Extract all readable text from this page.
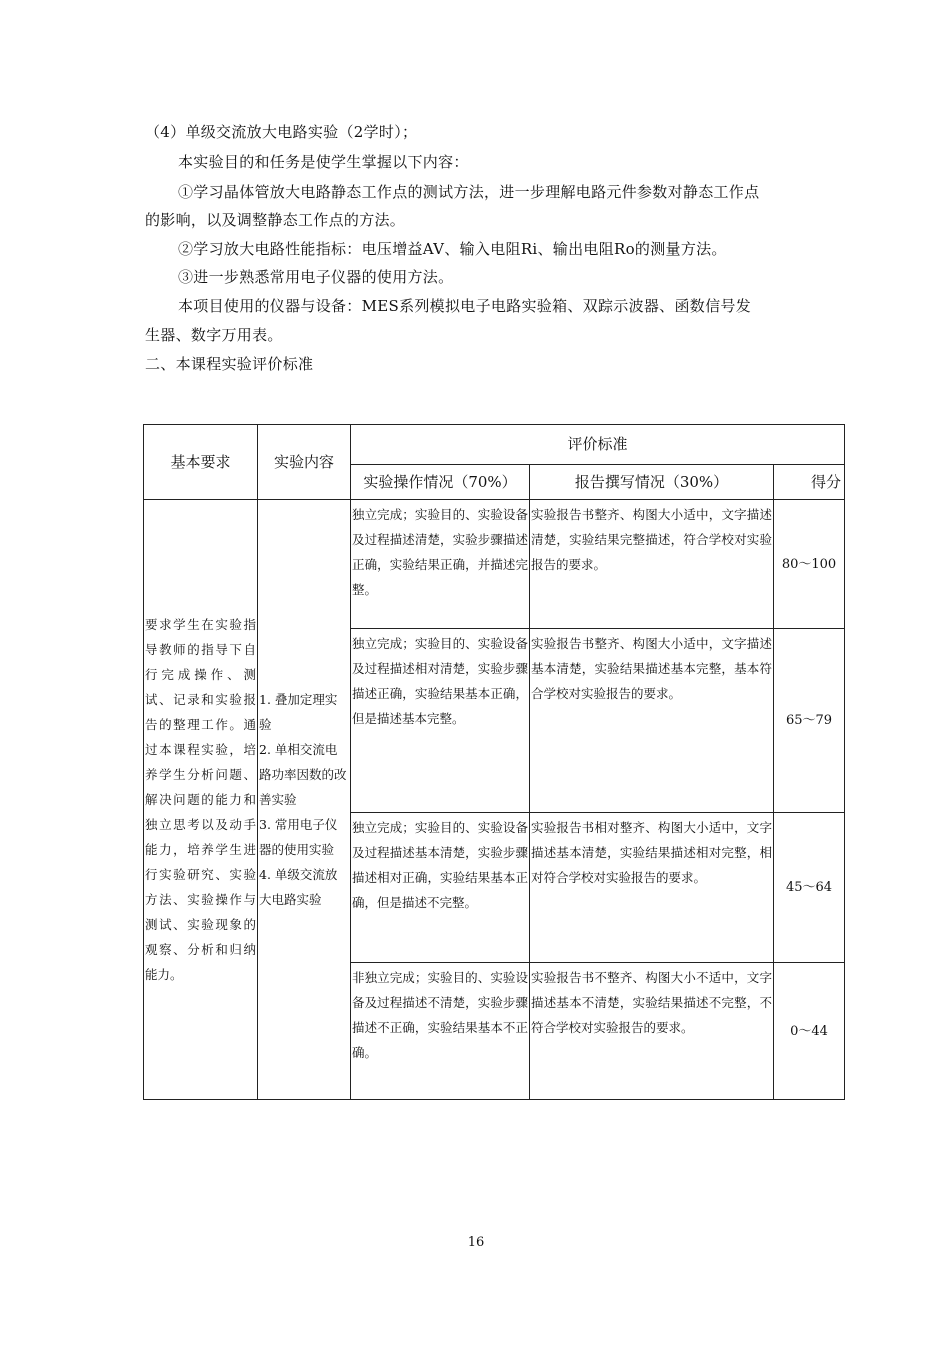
（4）单级交流放大电路实验（2学时）；
本实验目的和任务是使学生掌握以下内容：
①学习晶体管放大电路静态工作点的测试方法，进一步理解电路元件参数对静态工作点
的影响，以及调整静态工作点的方法。
②学习放大电路性能指标：电压增益AV、输入电阻Ri、输出电阻Ro的测量方法。
③进一步熟悉常用电子仪器的使用方法。
本项目使用的仪器与设备：MES系列模拟电子电路实验箱、双踪示波器、函数信号发
生器、数字万用表。
二、本课程实验评价标准
基本要求	实验内容	评价标准		
		实验操作情况（70%）	报告撰写情况（30%）	得分
要求学生在实验指导教师的指导下自行完成操作、测试、记录和实验报告的整理工作。通过本课程实验，培养学生分析问题、解决问题的能力和独立思考以及动手能力，培养学生进行实验研究、实验方法、实验操作与测试、实验现象的观察、分析和归纳能力。	1. 叠加定理实验
2. 单相交流电路功率因数的改善实验
3. 常用电子仪器的使用实验
4. 单级交流放大电路实验	独立完成；实验目的、实验设备及过程描述清楚，实验步骤描述正确，实验结果正确，并描述完整。	实验报告书整齐、构图大小适中，文字描述清楚，实验结果完整描述，符合学校对实验报告的要求。	80～100
		独立完成；实验目的、实验设备及过程描述相对清楚，实验步骤描述正确，实验结果基本正确，但是描述基本完整。	实验报告书整齐、构图大小适中，文字描述基本清楚，实验结果描述基本完整，基本符合学校对实验报告的要求。	65～79
		独立完成；实验目的、实验设备及过程描述基本清楚，实验步骤描述相对正确，实验结果基本正确，但是描述不完整。	实验报告书相对整齐、构图大小适中，文字描述基本清楚，实验结果描述相对完整，相对符合学校对实验报告的要求。	45～64
		非独立完成；实验目的、实验设备及过程描述不清楚，实验步骤描述不正确，实验结果基本不正确。	实验报告书不整齐、构图大小不适中，文字描述基本不清楚，实验结果描述不完整，不符合学校对实验报告的要求。	0～44
16
